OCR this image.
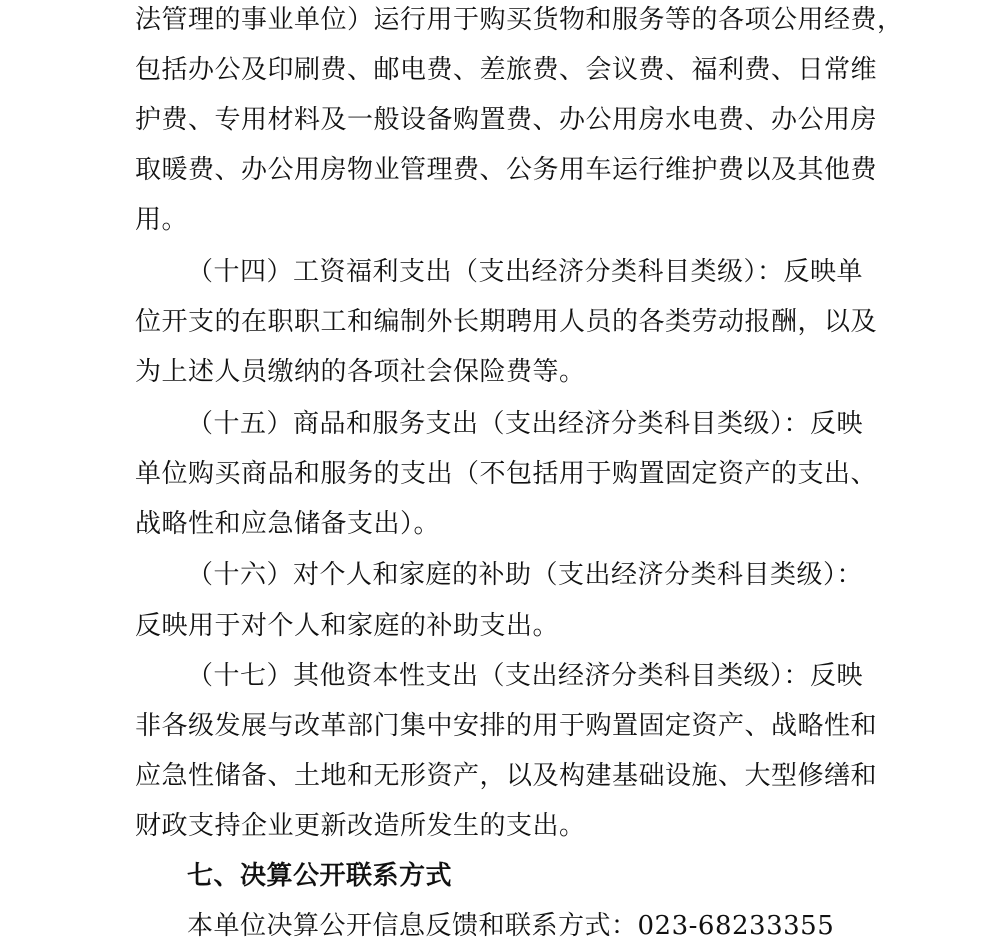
法管理的事业单位）运行用于购买货物和服务等的各项公用经费，
包括办公及印刷费、邮电费、差旅费、会议费、福利费、日常维
护费、专用材料及一般设备购置费、办公用房水电费、办公用房
取暖费、办公用房物业管理费、公务用车运行维护费以及其他费
用。
（十四）工资福利支出（支出经济分类科目类级）：反映单
位开支的在职职工和编制外长期聘用人员的各类劳动报酬，以及
为上述人员缴纳的各项社会保险费等。
（十五）商品和服务支出（支出经济分类科目类级）：反映
单位购买商品和服务的支出（不包括用于购置固定资产的支出、
战略性和应急储备支出）。
（十六）对个人和家庭的补助（支出经济分类科目类级）：
反映用于对个人和家庭的补助支出。
（十七）其他资本性支出（支出经济分类科目类级）：反映
非各级发展与改革部门集中安排的用于购置固定资产、战略性和
应急性储备、土地和无形资产，以及构建基础设施、大型修缮和
财政支持企业更新改造所发生的支出。
七、决算公开联系方式
本单位决算公开信息反馈和联系方式：023-68233355
